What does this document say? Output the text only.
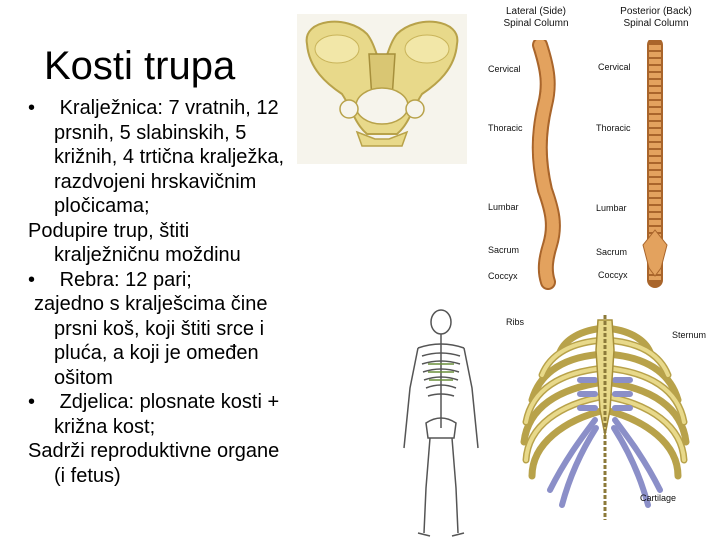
Kosti trupa
• Kralježnica: 7 vratnih, 12
prsnih, 5 slabinskih, 5
križnih, 4 trtična kralježka,
razdvojeni hrskavičnim
pločicama;
Podupire trup, štiti
kralježničnu moždinu
• Rebra: 12 pari;
zajedno s kralješcima čine
prsni koš, koji štiti srce i
pluća, a koji je omeđen
ošitom
• Zdjelica: plosnate kosti +
križna kost;
Sadrži reproduktivne organe
(i fetus)
Lateral (Side)
Spinal Column
Posterior (Back)
Spinal Column
Cervical
Thoracic
Lumbar
Sacrum
Coccyx
Cervical
Thoracic
Lumbar
Sacrum
Coccyx
Ribs
Sternum
Cartilage
